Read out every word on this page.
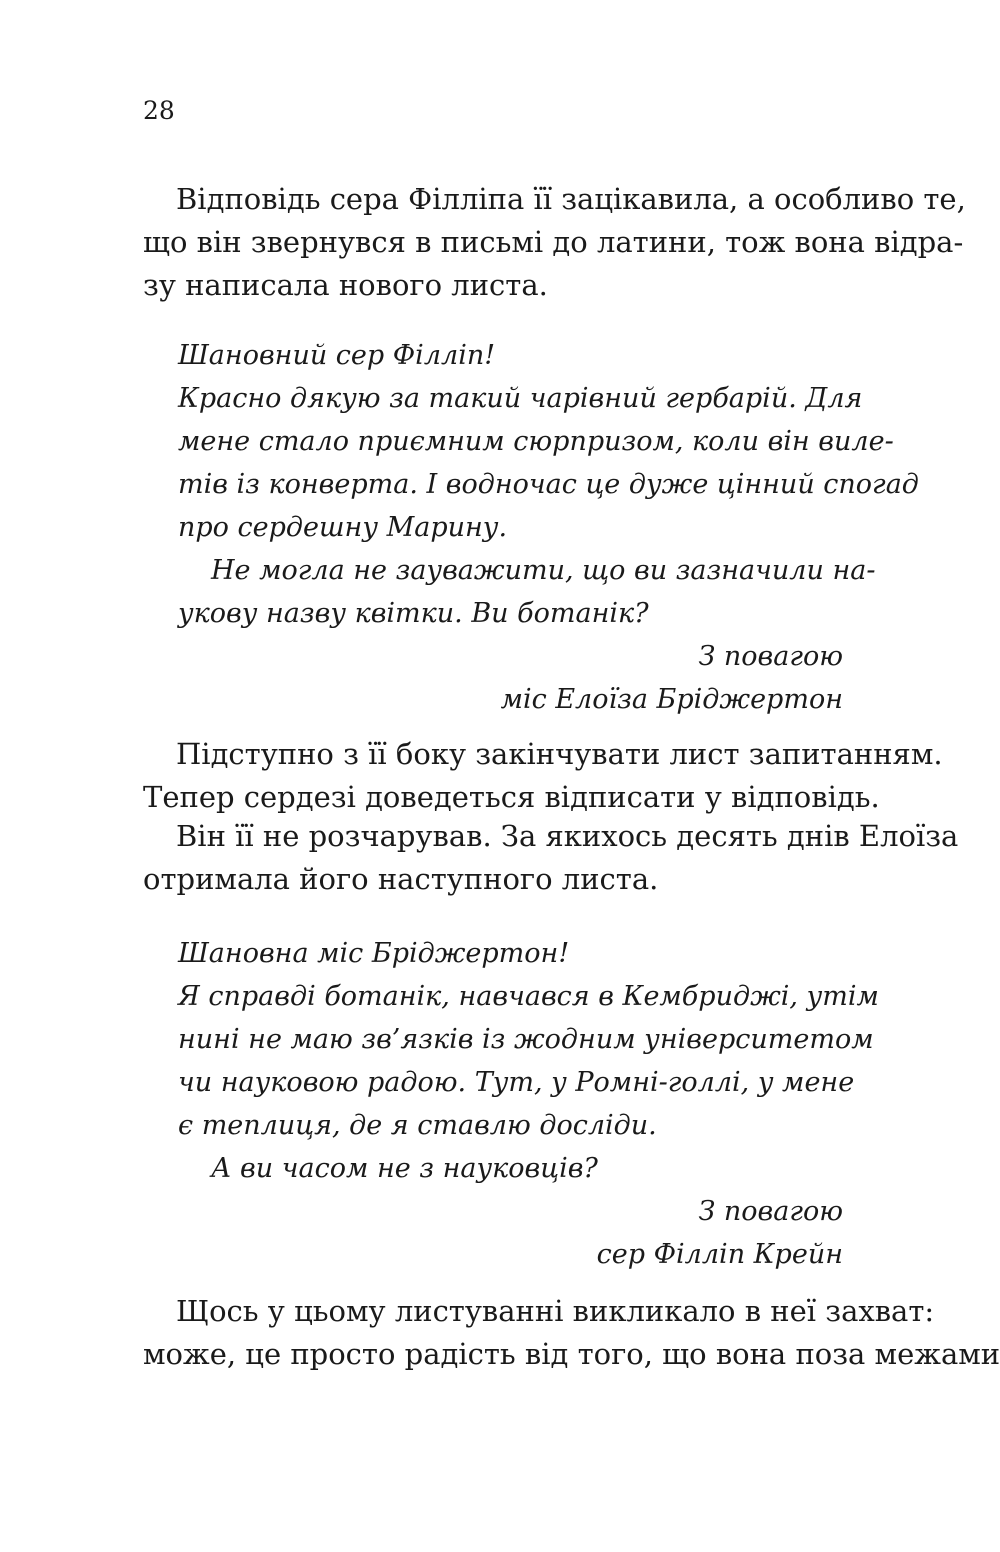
28
Відповідь сера Філліпа її зацікавила, а особливо те,
що він звернувся в письмі до латини, тож вона відра-
зу написала нового листа.
Шановний сер Філліп!
Красно дякую за такий чарівний гербарій. Для
мене стало приємним сюрпризом, коли він виле-
тів із конверта. І водночас це дуже цінний спогад
про сердешну Марину.
Не могла не зауважити, що ви зазначили на-
укову назву квітки. Ви ботанік?
З повагою
міс Елоїза Бріджертон
Підступно з її боку закінчувати лист запитанням.
Тепер сердезі доведеться відписати у відповідь.
Він її не розчарував. За якихось десять днів Елоїза
отримала його наступного листа.
Шановна міс Бріджертон!
Я справді ботанік, навчався в Кембриджі, утім
нині не маю зв’язків із жодним університетом
чи науковою радою. Тут, у Ромні-голлі, у мене
є теплиця, де я ставлю досліди.
А ви часом не з науковців?
З повагою
сер Філліп Крейн
Щось у цьому листуванні викликало в неї захват:
може, це просто радість від того, що вона поза межами
